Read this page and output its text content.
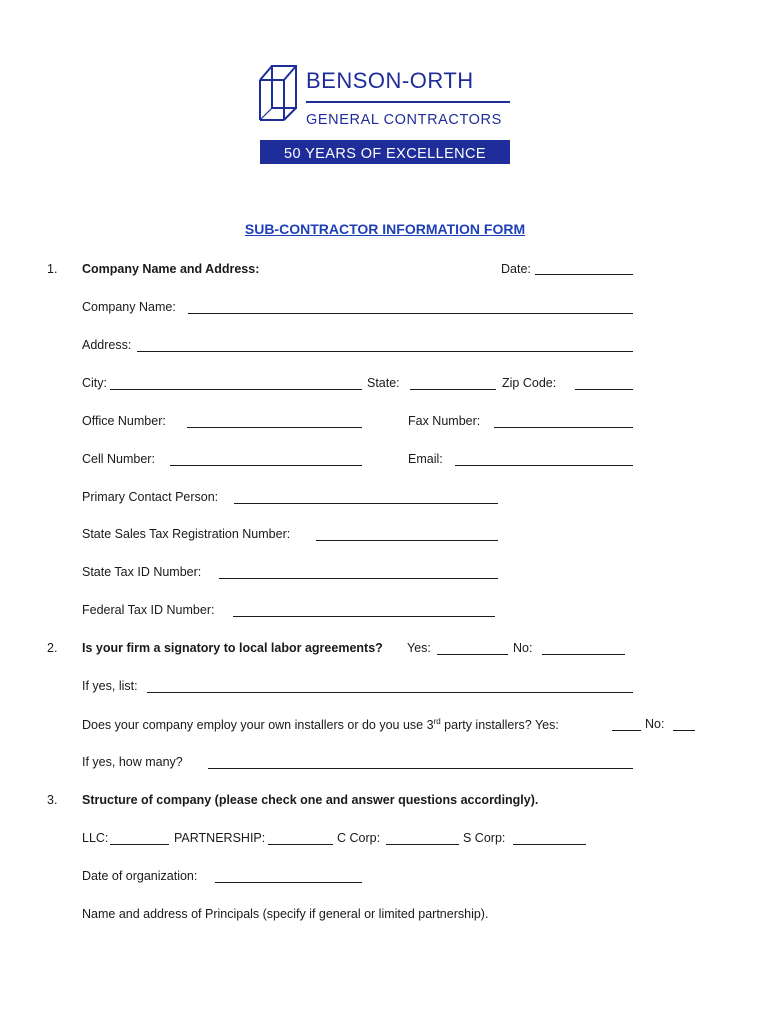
BENSON-ORTH
GENERAL CONTRACTORS
50 YEARS OF EXCELLENCE
SUB-CONTRACTOR INFORMATION FORM
1. Company Name and Address:	Date:
Company Name:
Address:
City:	State:	Zip Code:
Office Number:	Fax Number:
Cell Number:	Email:
Primary Contact Person:
State Sales Tax Registration Number:
State Tax ID Number:
Federal Tax ID Number:
2. Is your firm a signatory to local labor agreements? Yes:	No:
If yes, list:
Does your company employ your own installers or do you use 3rd party installers? Yes:	No:
If yes, how many?
3. Structure of company (please check one and answer questions accordingly).
LLC:	PARTNERSHIP:	C Corp:	S Corp:
Date of organization:
Name and address of Principals (specify if general or limited partnership).
